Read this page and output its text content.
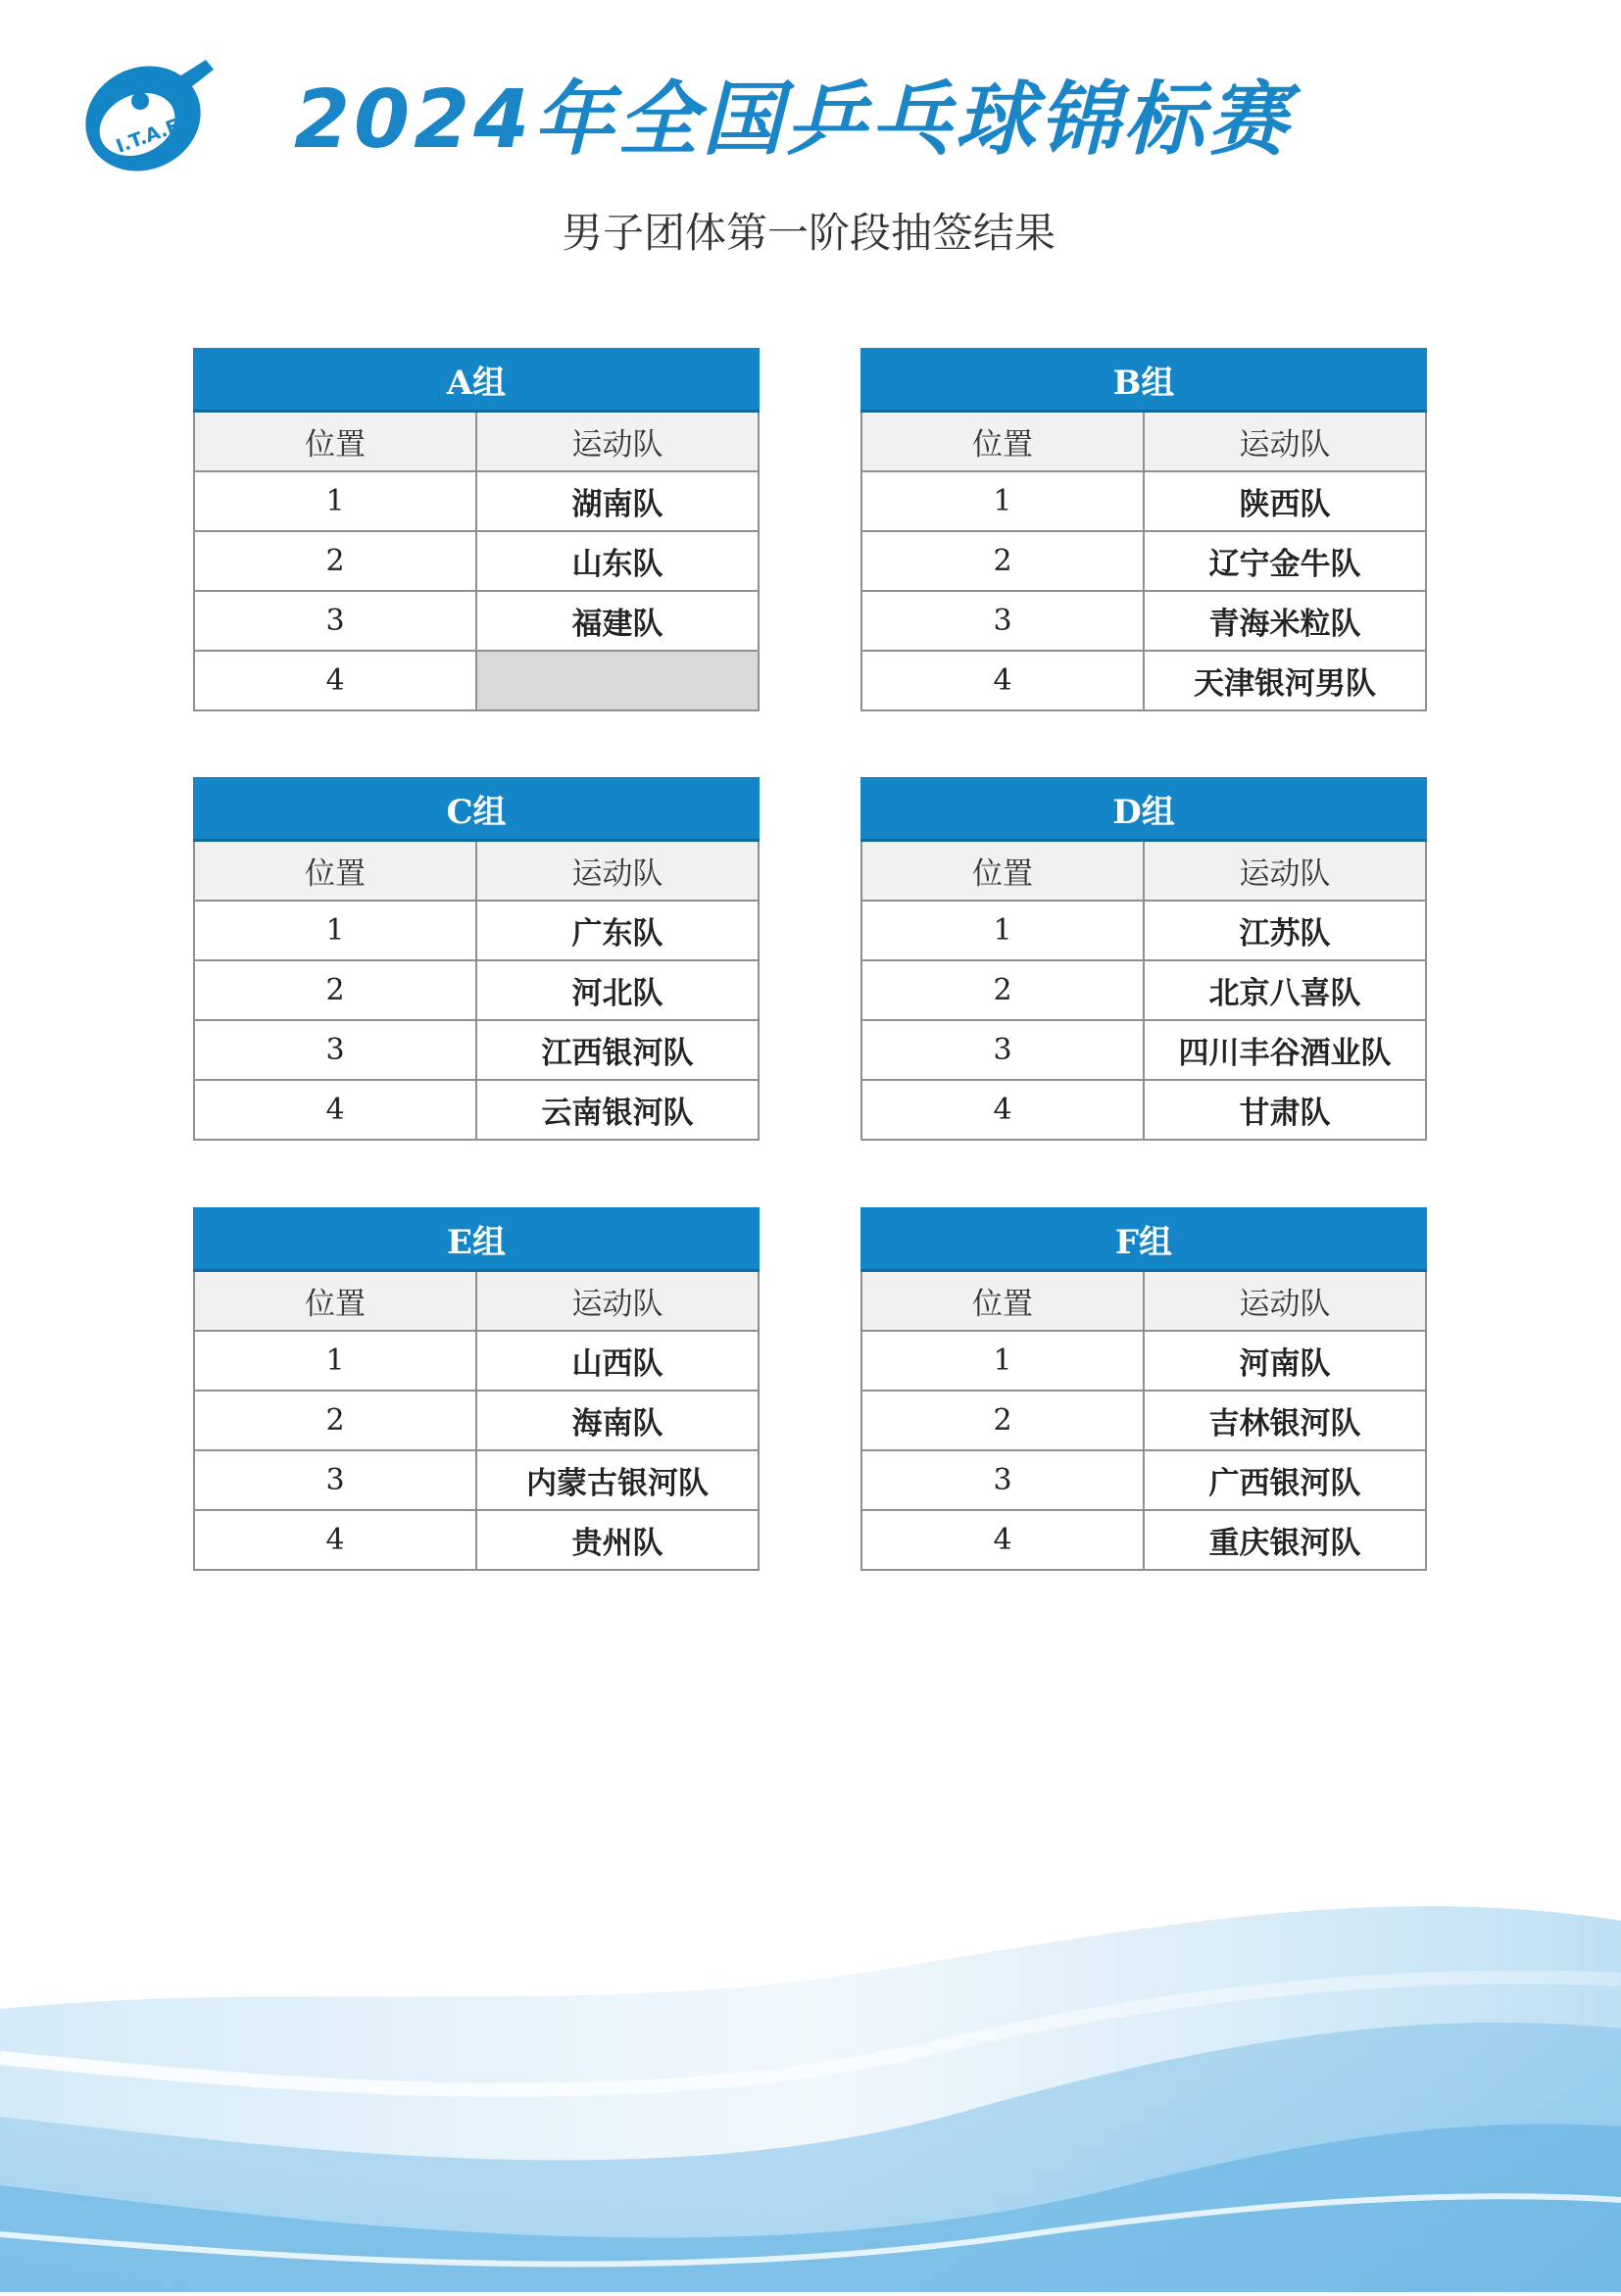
I.T.A.F. 2024年全国乒乓球锦标赛
男子团体第一阶段抽签结果
A组	
位置	运动队
1	湖南队
2	山东队
3	福建队
4	
B组	
位置	运动队
1	陕西队
2	辽宁金牛队
3	青海米粒队
4	天津银河男队
C组	
位置	运动队
1	广东队
2	河北队
3	江西银河队
4	云南银河队
D组	
位置	运动队
1	江苏队
2	北京八喜队
3	四川丰谷酒业队
4	甘肃队
E组	
位置	运动队
1	山西队
2	海南队
3	内蒙古银河队
4	贵州队
F组	
位置	运动队
1	河南队
2	吉林银河队
3	广西银河队
4	重庆银河队
